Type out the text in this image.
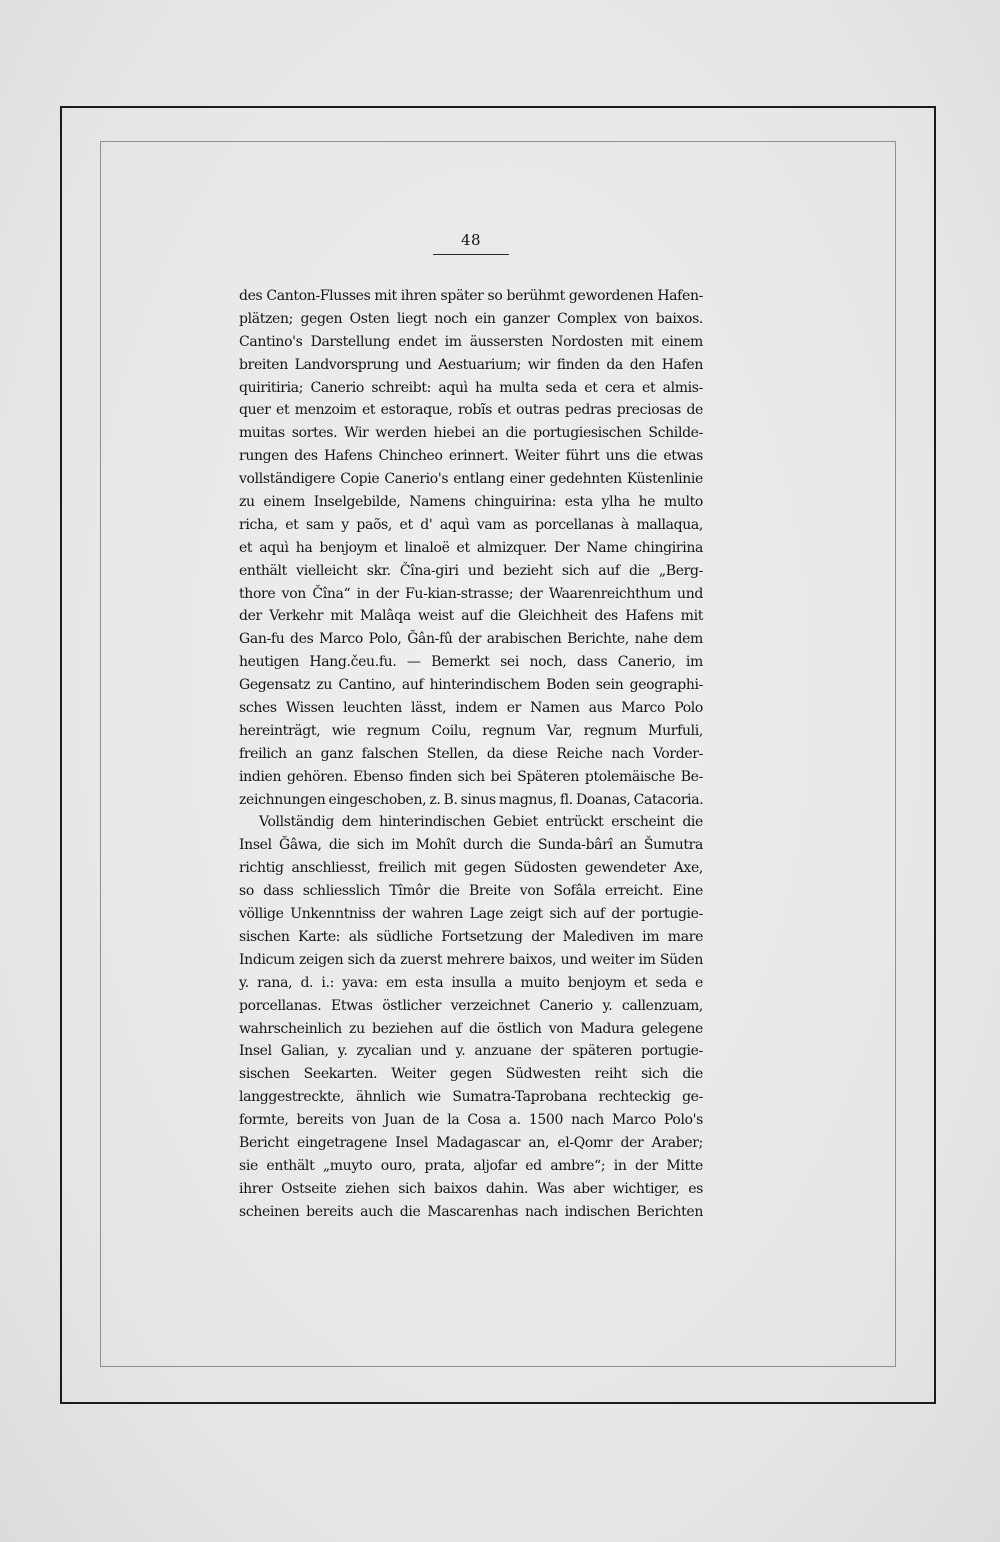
48
des Canton-Flusses mit ihren später so berühmt gewordenen Hafen-
plätzen; gegen Osten liegt noch ein ganzer Complex von baixos.
Cantino's Darstellung endet im äussersten Nordosten mit einem
breiten Landvorsprung und Aestuarium; wir finden da den Hafen
quiritiria; Canerio schreibt: aquì ha multa seda et cera et almis-
quer et menzoim et estoraque, robĩs et outras pedras preciosas de
muitas sortes. Wir werden hiebei an die portugiesischen Schilde-
rungen des Hafens Chincheo erinnert. Weiter führt uns die etwas
vollständigere Copie Canerio's entlang einer gedehnten Küstenlinie
zu einem Inselgebilde, Namens chinguirina: esta ylha he multo
richa, et sam y paõs, et d' aquì vam as porcellanas à mallaqua,
et aquì ha benjoym et linaloë et almizquer. Der Name chingirina
enthält vielleicht skr. Čîna-giri und bezieht sich auf die „Berg-
thore von Čîna“ in der Fu-kian-strasse; der Waarenreichthum und
der Verkehr mit Malâqa weist auf die Gleichheit des Hafens mit
Gan-fu des Marco Polo, Ğân-fû der arabischen Berichte, nahe dem
heutigen Hang.čeu.fu. — Bemerkt sei noch, dass Canerio, im
Gegensatz zu Cantino, auf hinterindischem Boden sein geographi-
sches Wissen leuchten lässt, indem er Namen aus Marco Polo
hereinträgt, wie regnum Coilu, regnum Var, regnum Murfuli,
freilich an ganz falschen Stellen, da diese Reiche nach Vorder-
indien gehören. Ebenso finden sich bei Späteren ptolemäische Be-
zeichnungen eingeschoben, z. B. sinus magnus, fl. Doanas, Catacoria.
Vollständig dem hinterindischen Gebiet entrückt erscheint die
Insel Ğâwa, die sich im Mohît durch die Sunda-bârî an Šumutra
richtig anschliesst, freilich mit gegen Südosten gewendeter Axe,
so dass schliesslich Tîmôr die Breite von Sofâla erreicht. Eine
völlige Unkenntniss der wahren Lage zeigt sich auf der portugie-
sischen Karte: als südliche Fortsetzung der Malediven im mare
Indicum zeigen sich da zuerst mehrere baixos, und weiter im Süden
y. rana, d. i.: yava: em esta insulla a muito benjoym et seda e
porcellanas. Etwas östlicher verzeichnet Canerio y. callenzuam,
wahrscheinlich zu beziehen auf die östlich von Madura gelegene
Insel Galian, y. zycalian und y. anzuane der späteren portugie-
sischen Seekarten. Weiter gegen Südwesten reiht sich die
langgestreckte, ähnlich wie Sumatra-Taprobana rechteckig ge-
formte, bereits von Juan de la Cosa a. 1500 nach Marco Polo's
Bericht eingetragene Insel Madagascar an, el-Qomr der Araber;
sie enthält „muyto ouro, prata, aljofar ed ambre“; in der Mitte
ihrer Ostseite ziehen sich baixos dahin. Was aber wichtiger, es
scheinen bereits auch die Mascarenhas nach indischen Berichten
